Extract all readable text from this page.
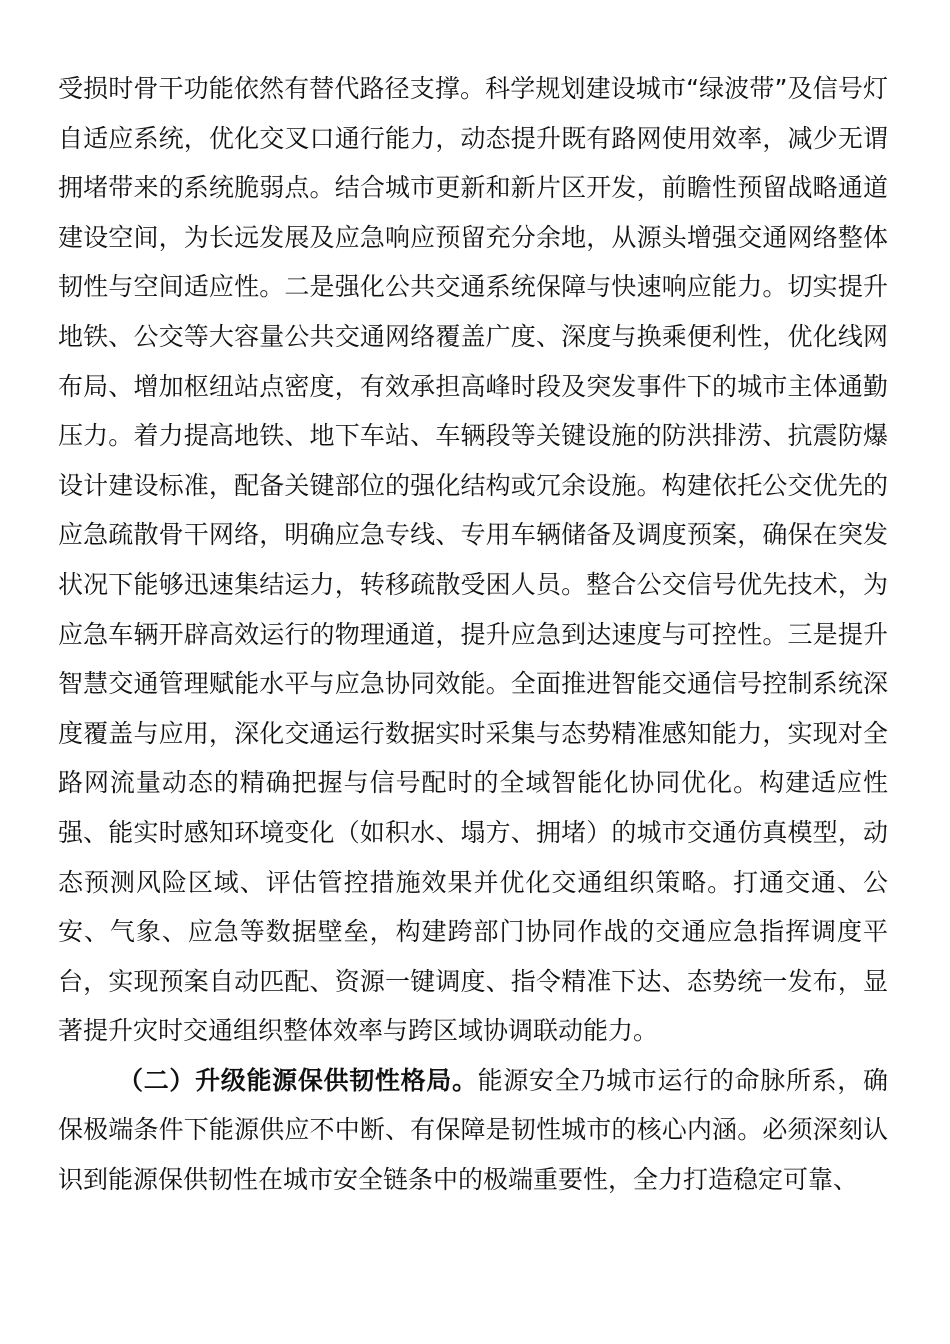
受损时骨干功能依然有替代路径支撑。科学规划建设城市“绿波带”及信号灯自适应系统，优化交叉口通行能力，动态提升既有路网使用效率，减少无谓拥堵带来的系统脆弱点。结合城市更新和新片区开发，前瞻性预留战略通道建设空间，为长远发展及应急响应预留充分余地，从源头增强交通网络整体韧性与空间适应性。二是强化公共交通系统保障与快速响应能力。切实提升地铁、公交等大容量公共交通网络覆盖广度、深度与换乘便利性，优化线网布局、增加枢纽站点密度，有效承担高峰时段及突发事件下的城市主体通勤压力。着力提高地铁、地下车站、车辆段等关键设施的防洪排涝、抗震防爆设计建设标准，配备关键部位的强化结构或冗余设施。构建依托公交优先的应急疏散骨干网络，明确应急专线、专用车辆储备及调度预案，确保在突发状况下能够迅速集结运力，转移疏散受困人员。整合公交信号优先技术，为应急车辆开辟高效运行的物理通道，提升应急到达速度与可控性。三是提升智慧交通管理赋能水平与应急协同效能。全面推进智能交通信号控制系统深度覆盖与应用，深化交通运行数据实时采集与态势精准感知能力，实现对全路网流量动态的精确把握与信号配时的全域智能化协同优化。构建适应性强、能实时感知环境变化（如积水、塌方、拥堵）的城市交通仿真模型，动态预测风险区域、评估管控措施效果并优化交通组织策略。打通交通、公安、气象、应急等数据壁垒，构建跨部门协同作战的交通应急指挥调度平台，实现预案自动匹配、资源一键调度、指令精准下达、态势统一发布，显著提升灾时交通组织整体效率与跨区域协调联动能力。

（二）升级能源保供韧性格局。能源安全乃城市运行的命脉所系，确保极端条件下能源供应不中断、有保障是韧性城市的核心内涵。必须深刻认识到能源保供韧性在城市安全链条中的极端重要性，全力打造稳定可靠、
